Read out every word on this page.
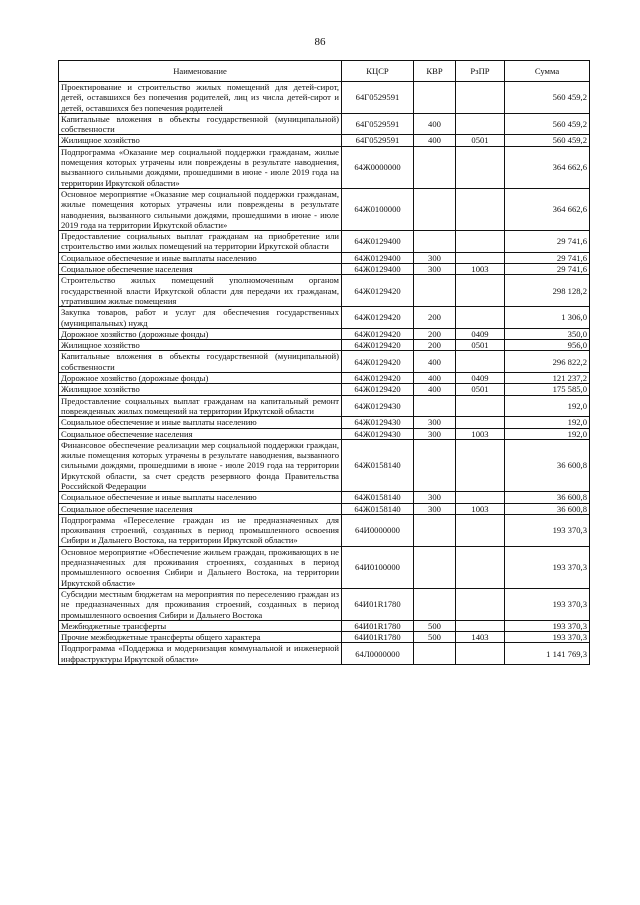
86
Наименование	КЦСР	КВР	РзПР	Сумма
Проектирование и строительство жилых помещений для детей-сирот, детей, оставшихся без попечения родителей, лиц из числа детей-сирот и детей, оставшихся без попечения родителей	64Г0529591			560 459,2
Капитальные вложения в объекты государственной (муниципальной) собственности	64Г0529591	400		560 459,2
Жилищное хозяйство	64Г0529591	400	0501	560 459,2
Подпрограмма «Оказание мер социальной поддержки гражданам, жилые помещения которых утрачены или повреждены в результате наводнения, вызванного сильными дождями, прошедшими в июне - июле 2019 года на территории Иркутской области»	64Ж0000000			364 662,6
Основное мероприятие «Оказание мер социальной поддержки гражданам, жилые помещения которых утрачены или повреждены в результате наводнения, вызванного сильными дождями, прошедшими в июне - июле 2019 года на территории Иркутской области»	64Ж0100000			364 662,6
Предоставление социальных выплат гражданам на приобретение или строительство ими жилых помещений на территории Иркутской области	64Ж0129400			29 741,6
Социальное обеспечение и иные выплаты населению	64Ж0129400	300		29 741,6
Социальное обеспечение населения	64Ж0129400	300	1003	29 741,6
Строительство жилых помещений уполномоченным органом государственной власти Иркутской области для передачи их гражданам, утратившим жилые помещения	64Ж0129420			298 128,2
Закупка товаров, работ и услуг для обеспечения государственных (муниципальных) нужд	64Ж0129420	200		1 306,0
Дорожное хозяйство (дорожные фонды)	64Ж0129420	200	0409	350,0
Жилищное хозяйство	64Ж0129420	200	0501	956,0
Капитальные вложения в объекты государственной (муниципальной) собственности	64Ж0129420	400		296 822,2
Дорожное хозяйство (дорожные фонды)	64Ж0129420	400	0409	121 237,2
Жилищное хозяйство	64Ж0129420	400	0501	175 585,0
Предоставление социальных выплат гражданам на капитальный ремонт поврежденных жилых помещений на территории Иркутской области	64Ж0129430			192,0
Социальное обеспечение и иные выплаты населению	64Ж0129430	300		192,0
Социальное обеспечение населения	64Ж0129430	300	1003	192,0
Финансовое обеспечение реализации мер социальной поддержки граждан, жилые помещения которых утрачены в результате наводнения, вызванного сильными дождями, прошедшими в июне - июле 2019 года на территории Иркутской области, за счет средств резервного фонда Правительства Российской Федерации	64Ж0158140			36 600,8
Социальное обеспечение и иные выплаты населению	64Ж0158140	300		36 600,8
Социальное обеспечение населения	64Ж0158140	300	1003	36 600,8
Подпрограмма «Переселение граждан из не предназначенных для проживания строений, созданных в период промышленного освоения Сибири и Дальнего Востока, на территории Иркутской области»	64И0000000			193 370,3
Основное мероприятие «Обеспечение жильем граждан, проживающих в не предназначенных для проживания строениях, созданных в период промышленного освоения Сибири и Дальнего Востока, на территории Иркутской области»	64И0100000			193 370,3
Субсидии местным бюджетам на мероприятия по переселению граждан из не предназначенных для проживания строений, созданных в период промышленного освоения Сибири и Дальнего Востока	64И01R1780			193 370,3
Межбюджетные трансферты	64И01R1780	500		193 370,3
Прочие межбюджетные трансферты общего характера	64И01R1780	500	1403	193 370,3
Подпрограмма «Поддержка и модернизация коммунальной и инженерной инфраструктуры Иркутской области»	64Л0000000			1 141 769,3
